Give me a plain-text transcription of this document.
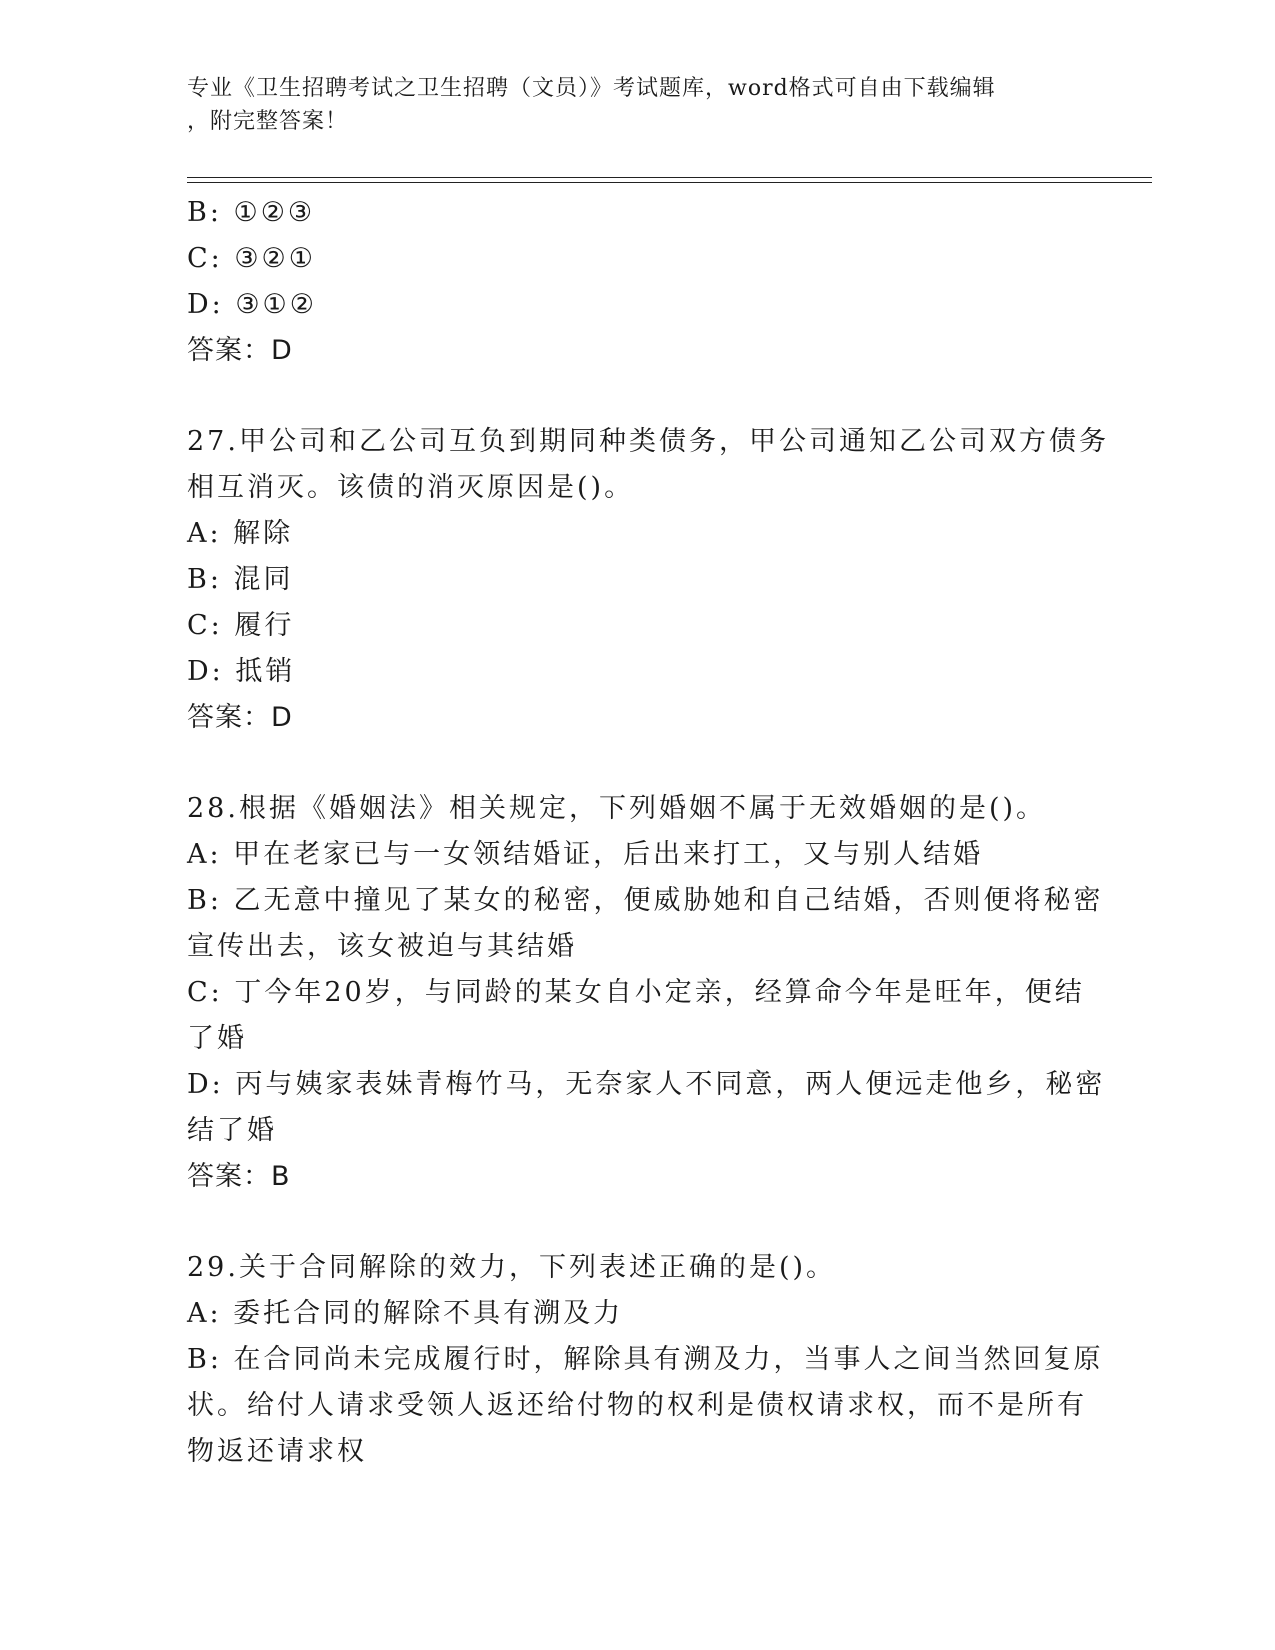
专业《卫生招聘考试之卫生招聘（文员）》考试题库，word格式可自由下载编辑
，附完整答案！
B: ①②③
C: ③②①
D: ③①②
答案：D
27.甲公司和乙公司互负到期同种类债务，甲公司通知乙公司双方债务
相互消灭。该债的消灭原因是()。
A: 解除
B: 混同
C: 履行
D: 抵销
答案：D
28.根据《婚姻法》相关规定，下列婚姻不属于无效婚姻的是()。
A: 甲在老家已与一女领结婚证，后出来打工，又与别人结婚
B: 乙无意中撞见了某女的秘密，便威胁她和自己结婚，否则便将秘密
宣传出去，该女被迫与其结婚
C: 丁今年20岁，与同龄的某女自小定亲，经算命今年是旺年，便结
了婚
D: 丙与姨家表妹青梅竹马，无奈家人不同意，两人便远走他乡，秘密
结了婚
答案：B
29.关于合同解除的效力，下列表述正确的是()。
A: 委托合同的解除不具有溯及力
B: 在合同尚未完成履行时，解除具有溯及力，当事人之间当然回复原
状。给付人请求受领人返还给付物的权利是债权请求权，而不是所有
物返还请求权
